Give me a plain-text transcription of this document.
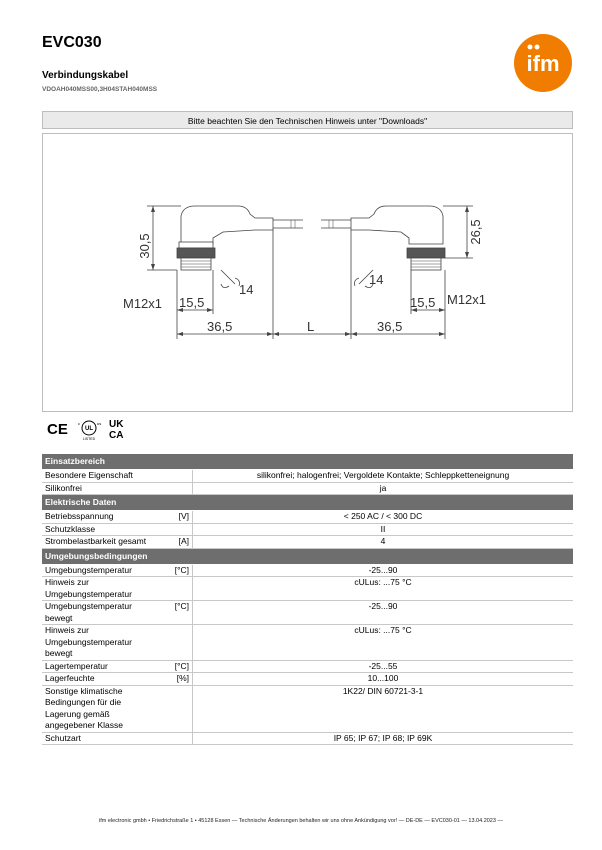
EVC030
Verbindungskabel
VDOAH040MSS00,3H04STAH040MSS
ifm
Bitte beachten Sie den Technischen Hinweis unter "Downloads"
30,5
26,5
M12x1	M12x1
14
14
15,5	15,5
36,5	L	36,5
CE	c
UL
us
LISTED
UK
CA
Einsatzbereich		
Besondere Eigenschaft		silikonfrei; halogenfrei; Vergoldete Kontakte; Schleppketteneignung
Silikonfrei		ja
Elektrische Daten		
Betriebsspannung	[V]	< 250 AC / < 300 DC
Schutzklasse		II
Strombelastbarkeit gesamt	[A]	4
Umgebungsbedingungen		
Umgebungstemperatur	[°C]	-25...90
Hinweis zur
Umgebungstemperatur		cULus: ...75 °C
Umgebungstemperatur
bewegt	[°C]	-25...90
Hinweis zur
Umgebungstemperatur
bewegt		cULus: ...75 °C
Lagertemperatur	[°C]	-25...55
Lagerfeuchte	[%]	10...100
Sonstige klimatische
Bedingungen für die
Lagerung gemäß
angegebener Klasse		1K22/ DIN 60721-3-1
Schutzart		IP 65; IP 67; IP 68; IP 69K
ifm electronic gmbh • Friedrichstraße 1 • 45128 Essen — Technische Änderungen behalten wir uns ohne Ankündigung vor! — DE-DE — EVC030-01 — 13.04.2023 —
